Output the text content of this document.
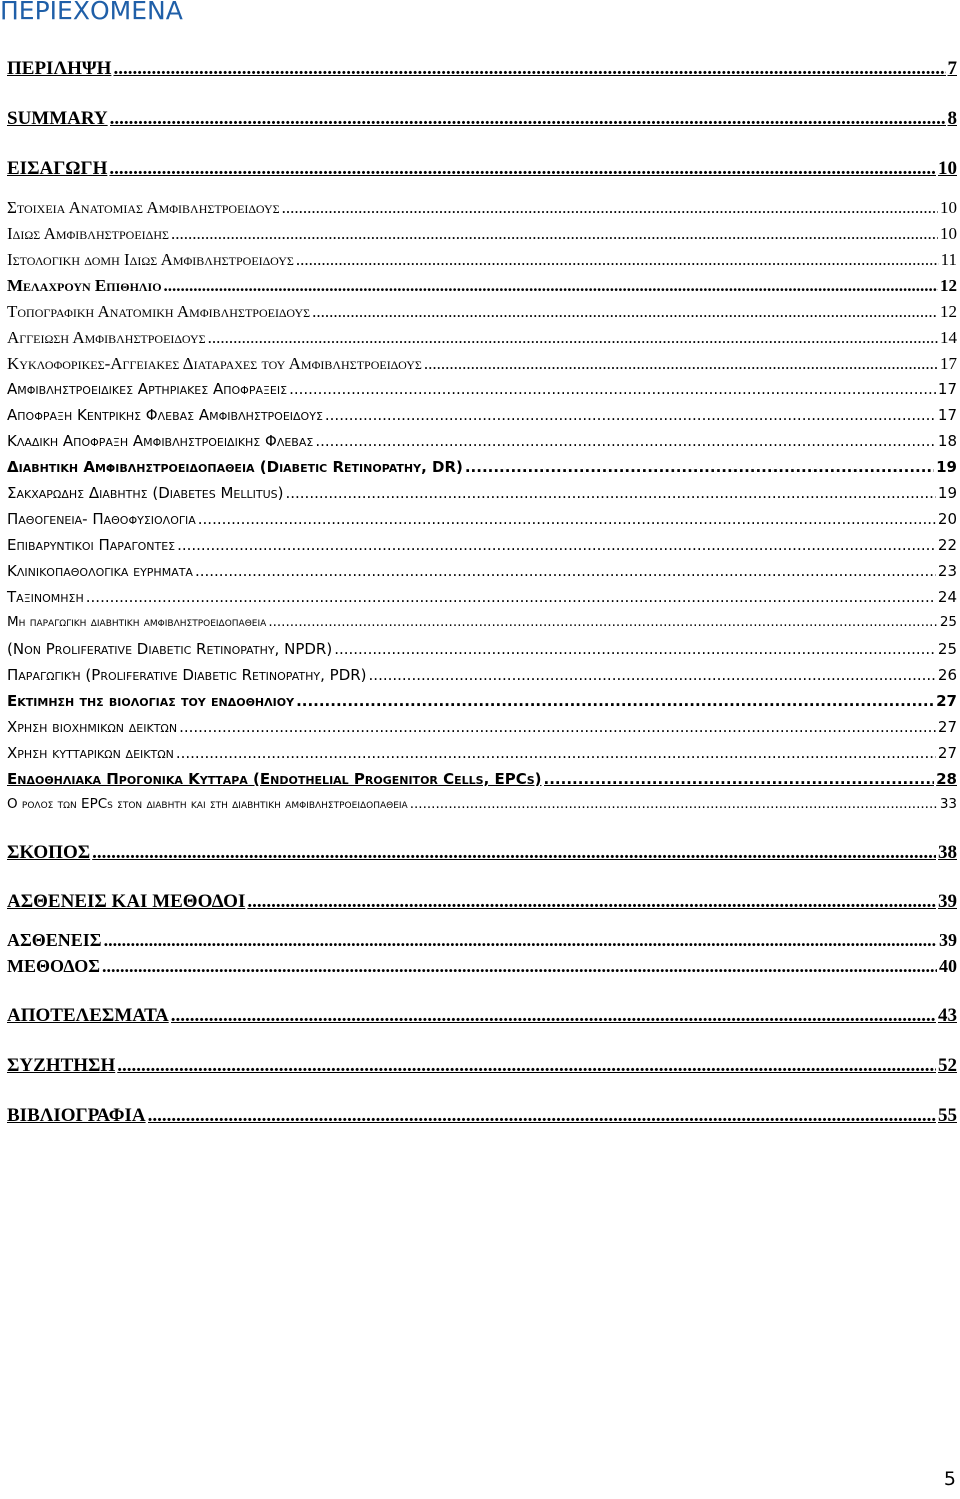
ΠΕΡΙΕΧΟΜΕΝΑ
ΠΕΡΙΛΗΨΗ .....	7
SUMMARY .....	8
ΕΙΣΑΓΩΓΗ .....	10
Στοιχεια Ανατομιας Αμφιβληστροειδους .....	10
Ιδιως Αμφιβληστροειδης .....	10
Ιστολογικη δομη Ιδιως Αμφιβληστροειδους .....	11
Μελαχρουν Επιθηλιο .....	12
Τοπογραφικη Ανατομικη Αμφιβληστροειδους .....	12
Αγγειωση Αμφιβληστροειδους .....	14
Κυκλοφορικες-Αγγειακες Διαταραχες του Αμφιβληστροειδους .....	17
Αμφιβληστροειδικες Αρτηριακες Αποφραξεις .....	17
Αποφραξη Κεντρικης Φλεβας Αμφιβληστροειδους .....	17
Κλαδικη Αποφραξη Αμφιβληστροειδικης Φλεβας .....	18
Διαβητικη Αμφιβληστροειδοπαθεια (Diabetic Retinopathy, DR) .....	19
Σακχαρωδης Διαβητης (Diabetes Mellitus) .....	19
Παθογενεια- Παθοφυσιολογια .....	20
Επιβαρυντικοι Παραγοντες .....	22
Κλινικοπαθολογικα ευρηματα .....	23
Ταξινομηση .....	24
Μη παραγωγικη διαβητικη αμφιβληστροειδοπαθεια .....	25
(Non Proliferative Diabetic Retinopathy, NPDR) .....	25
Παραγωγική (Proliferative Diabetic Retinopathy, PDR) .....	26
Εκτιμηση της βιολογιας του ενδοθηλιου .....	27
Χρηση βιοχημικων δεικτων .....	27
Χρηση κυτταρικων δεικτων .....	27
Ενδοθηλιακα Προγονικα Κυτταρα (Endothelial Progenitor Cells, EPCs) .....	28
Ο ρολος των EPCs στον διαβητη και στη διαβητικη αμφιβληστροειδοπαθεια .....	33
ΣΚΟΠΟΣ .....	38
ΑΣΘΕΝΕΙΣ ΚΑΙ ΜΕΘΟΔΟΙ .....	39
ΑΣΘΕΝΕΙΣ .....	39
ΜΕΘΟΔΟΣ .....	40
ΑΠΟΤΕΛΕΣΜΑΤΑ .....	43
ΣΥΖΗΤΗΣΗ .....	52
ΒΙΒΛΙΟΓΡΑΦΙΑ .....	55
5
